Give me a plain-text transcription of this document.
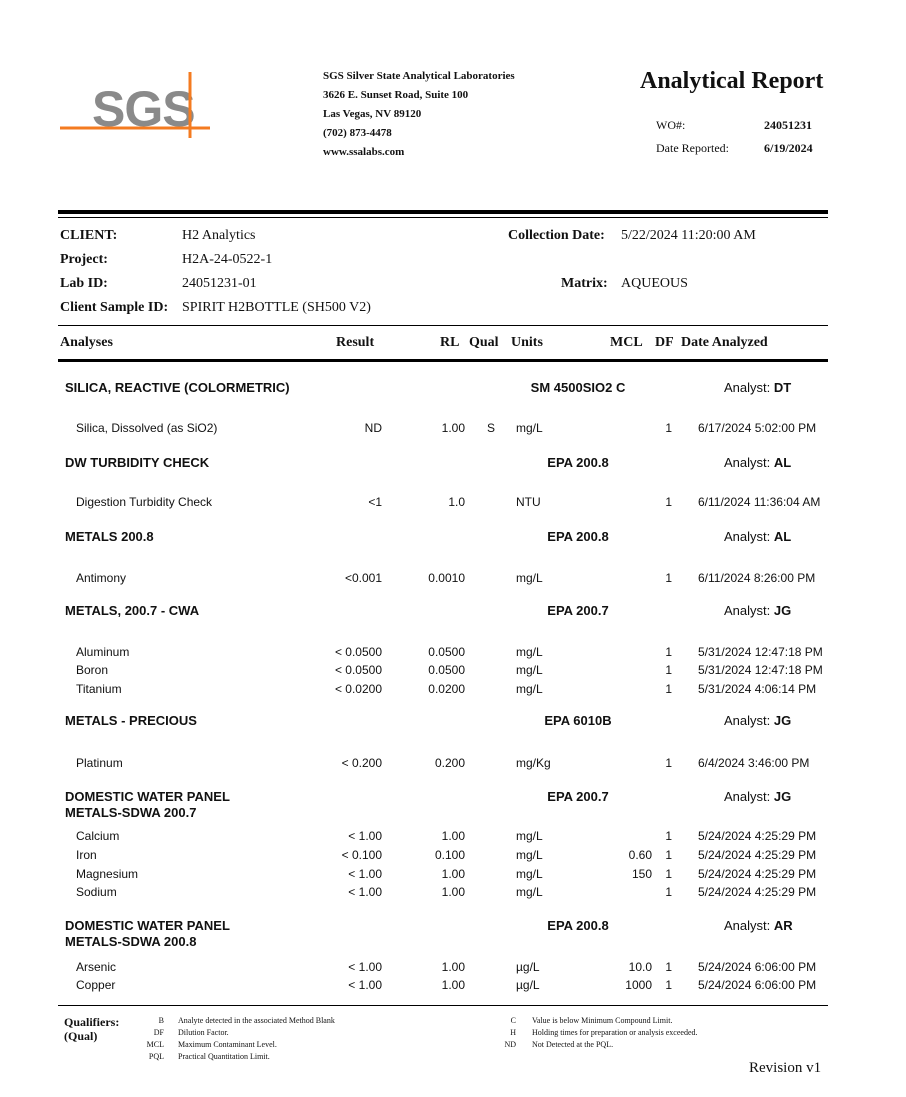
SGS
SGS Silver State Analytical Laboratories
3626 E. Sunset Road, Suite 100
Las Vegas, NV 89120
(702) 873-4478
www.ssalabs.com
Analytical Report
WO#:	24051231
Date Reported:	6/19/2024
CLIENT:	H2 Analytics
Project:	H2A-24-0522-1
Lab ID:	24051231-01
Client Sample ID: SPIRIT H2BOTTLE (SH500 V2)
Collection Date: 5/22/2024 11:20:00 AM
Matrix: AQUEOUS
Analyses	Result	RL Qual Units	MCL DF Date Analyzed
SILICA, REACTIVE (COLORMETRIC)	SM 4500SIO2 C	Analyst: DT
Silica, Dissolved (as SiO2)	ND	1.00 S mg/L	1 6/17/2024 5:02:00 PM
DW TURBIDITY CHECK	EPA 200.8	Analyst: AL
Digestion Turbidity Check	<1	1.0	NTU	1 6/11/2024 11:36:04 AM
METALS 200.8	EPA 200.8	Analyst: AL
Antimony	<0.001	0.0010	mg/L	1 6/11/2024 8:26:00 PM
METALS, 200.7 - CWA	EPA 200.7	Analyst: JG
Aluminum	< 0.0500	0.0500	mg/L	1 5/31/2024 12:47:18 PM
Boron	< 0.0500	0.0500	mg/L	1 5/31/2024 12:47:18 PM
Titanium	< 0.0200	0.0200	mg/L	1 5/31/2024 4:06:14 PM
METALS - PRECIOUS	EPA 6010B	Analyst: JG
Platinum	< 0.200	0.200	mg/Kg	1 6/4/2024 3:46:00 PM
DOMESTIC WATER PANEL
METALS-SDWA 200.7
EPA 200.7	Analyst: JG
Calcium	< 1.00	1.00	mg/L	1 5/24/2024 4:25:29 PM
Iron	< 0.100	0.100	mg/L	0.60 1 5/24/2024 4:25:29 PM
Magnesium	< 1.00	1.00	mg/L	150 1 5/24/2024 4:25:29 PM
Sodium	< 1.00	1.00	mg/L	1 5/24/2024 4:25:29 PM
DOMESTIC WATER PANEL
METALS-SDWA 200.8
EPA 200.8	Analyst: AR
Arsenic	< 1.00	1.00	µg/L	10.0 1 5/24/2024 6:06:00 PM
Copper	< 1.00	1.00	µg/L	1000 1 5/24/2024 6:06:00 PM
Qualifiers:
(Qual)
B Analyte detected in the associated Method Blank
DF Dilution Factor.
MCL Maximum Contaminant Level.
PQL Practical Quantitation Limit.
C Value is below Minimum Compound Limit.
H Holding times for preparation or analysis exceeded.
ND Not Detected at the PQL.
Revision v1
